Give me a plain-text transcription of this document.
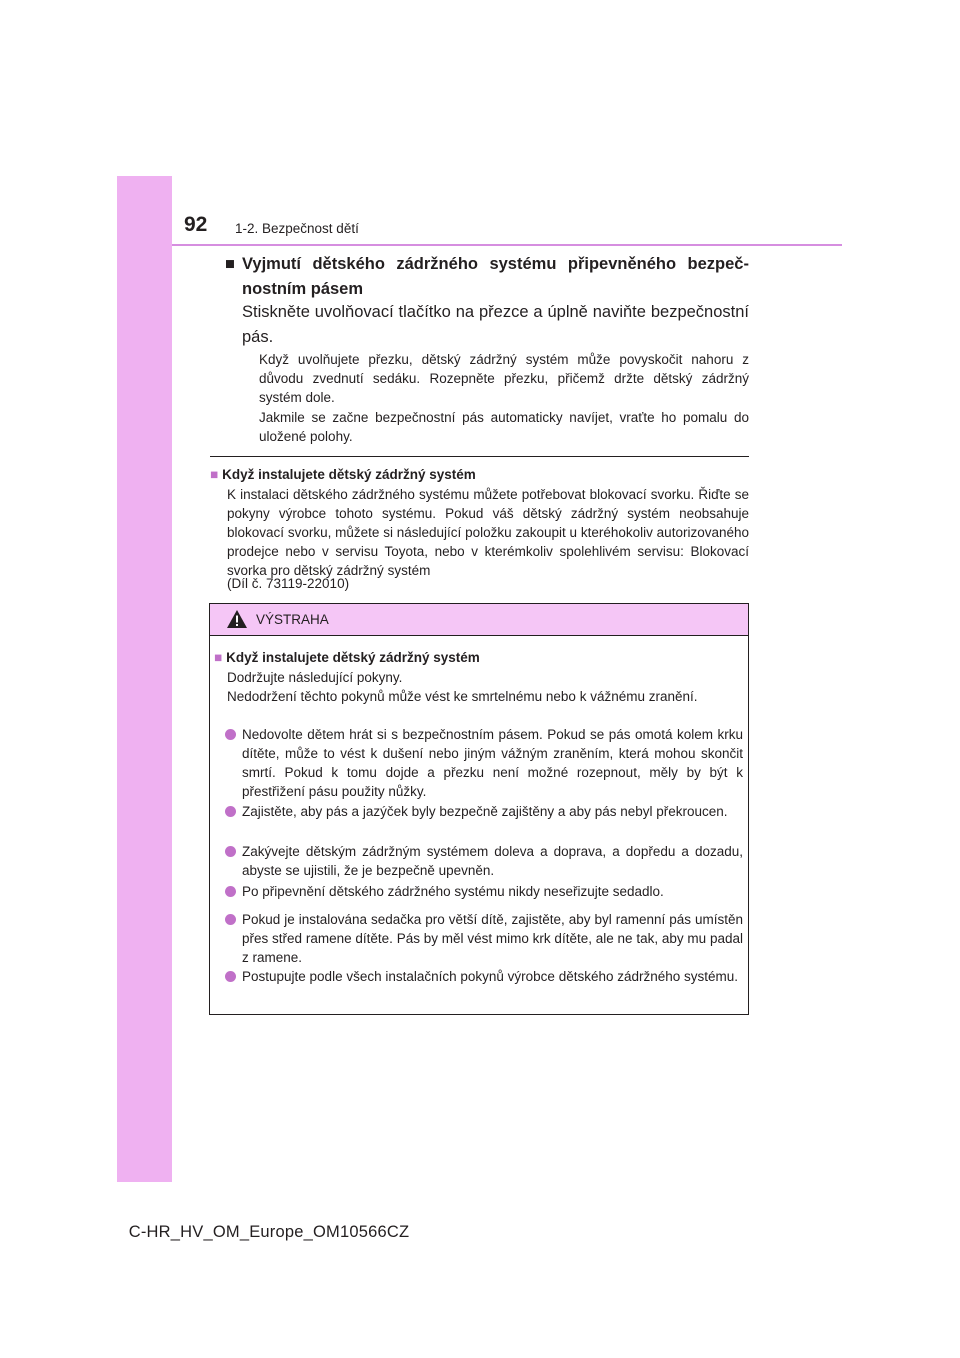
92 1-2. Bezpečnost dětí
■ Vyjmutí dětského zádržného systému připevněného bezpečnostním pásem
Stiskněte uvolňovací tlačítko na přezce a úplně naviňte bezpečnostní pás.
Když uvolňujete přezku, dětský zádržný systém může povyskočit nahoru z důvodu zvednutí sedáku. Rozepněte přezku, přičemž držte dětský zádržný systém dole.
Jakmile se začne bezpečnostní pás automaticky navíjet, vraťte ho pomalu do uložené polohy.
■ Když instalujete dětský zádržný systém
K instalaci dětského zádržného systému můžete potřebovat blokovací svorku. Řiďte se pokyny výrobce tohoto systému. Pokud váš dětský zádržný systém neobsahuje blokovací svorku, můžete si následující položku zakoupit u kteréhokoliv autorizovaného prodejce nebo v servisu Toyota, nebo v kterémkoliv spolehlivém servisu: Blokovací svorka pro dětský zádržný systém
(Díl č. 73119-22010)
VÝSTRAHA
■ Když instalujete dětský zádržný systém
Dodržujte následující pokyny.
Nedodržení těchto pokynů může vést ke smrtelnému nebo k vážnému zranění.
Nedovolte dětem hrát si s bezpečnostním pásem. Pokud se pás omotá kolem krku dítěte, může to vést k dušení nebo jiným vážným zraněním, která mohou skončit smrtí. Pokud k tomu dojde a přezku není možné rozepnout, měly by být k přestřižení pásu použity nůžky.
Zajistěte, aby pás a jazýček byly bezpečně zajištěny a aby pás nebyl překroucen.
Zakývejte dětským zádržným systémem doleva a doprava, a dopředu a dozadu, abyste se ujistili, že je bezpečně upevněn.
Po připevnění dětského zádržného systému nikdy neseřizujte sedadlo.
Pokud je instalována sedačka pro větší dítě, zajistěte, aby byl ramenní pás umístěn přes střed ramene dítěte. Pás by měl vést mimo krk dítěte, ale ne tak, aby mu padal z ramene.
Postupujte podle všech instalačních pokynů výrobce dětského zádržného systému.
C-HR_HV_OM_Europe_OM10566CZ
